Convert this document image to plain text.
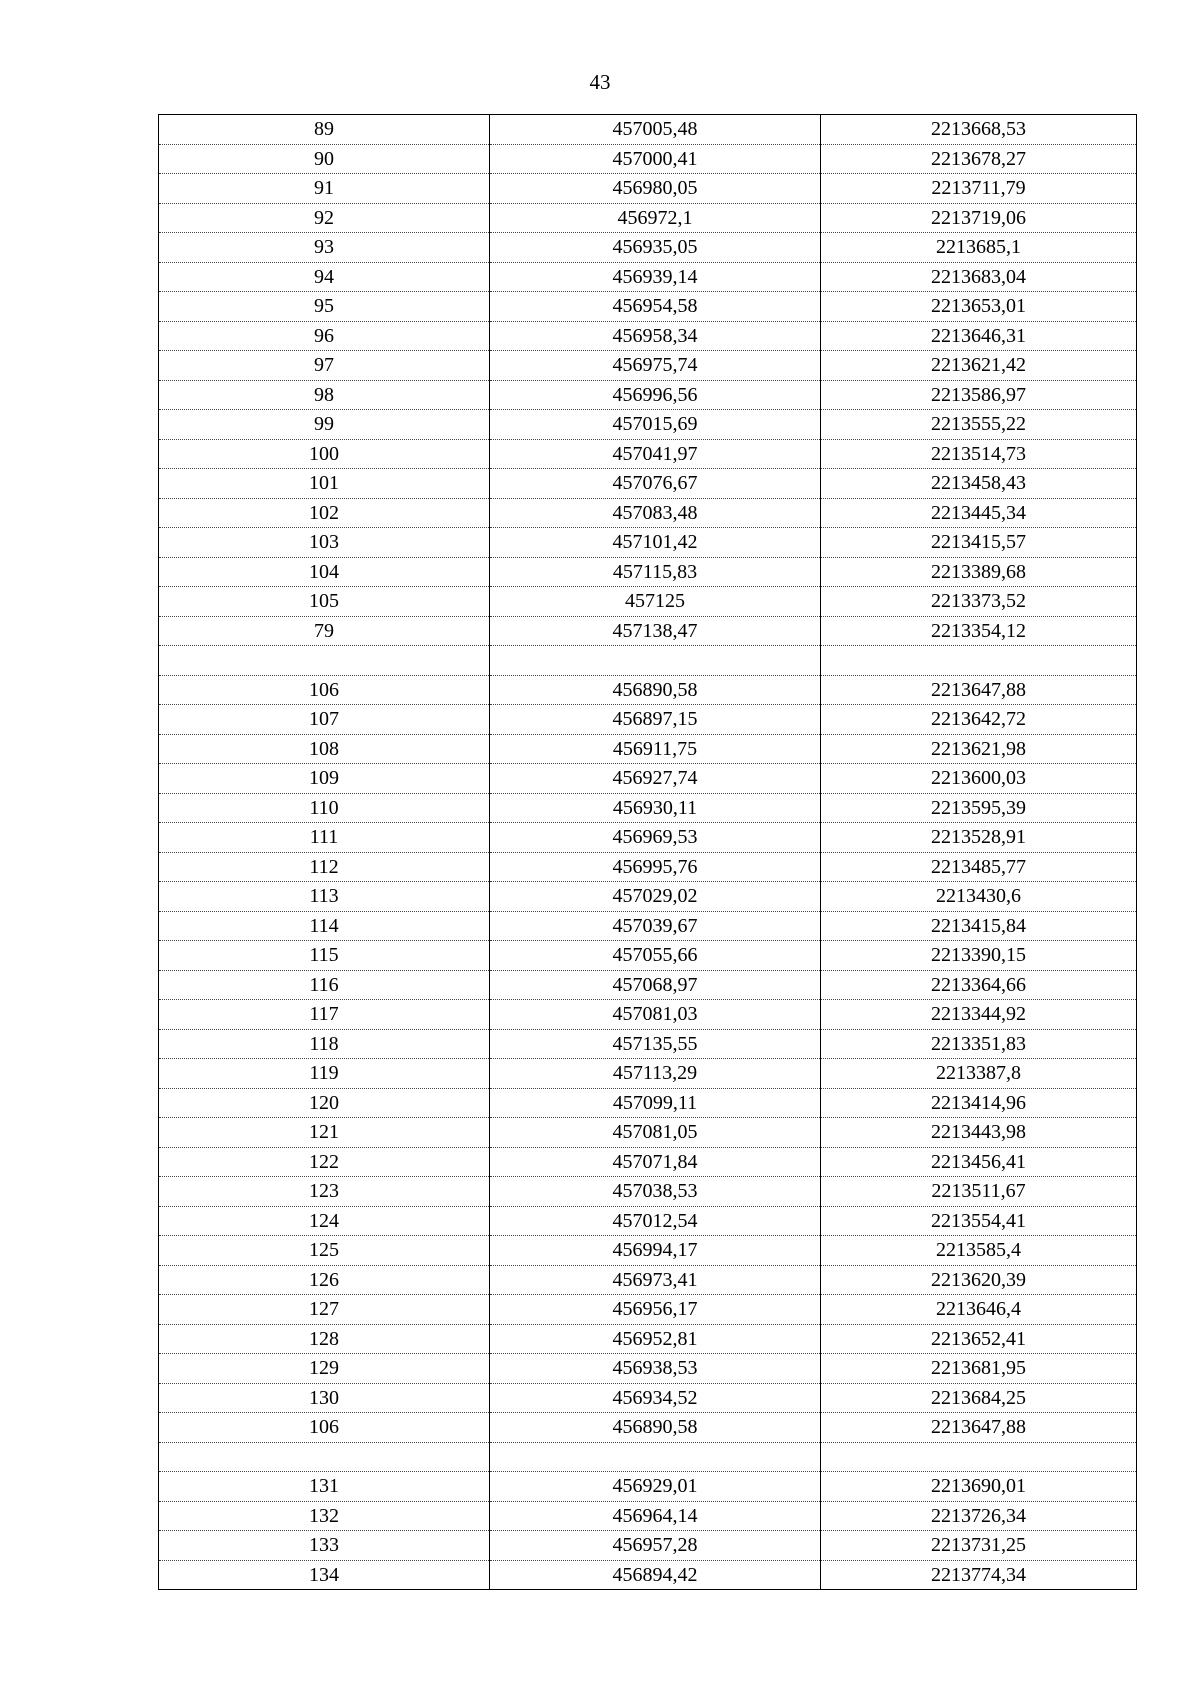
43
89	457005,48	2213668,53
90	457000,41	2213678,27
91	456980,05	2213711,79
92	456972,1	2213719,06
93	456935,05	2213685,1
94	456939,14	2213683,04
95	456954,58	2213653,01
96	456958,34	2213646,31
97	456975,74	2213621,42
98	456996,56	2213586,97
99	457015,69	2213555,22
100	457041,97	2213514,73
101	457076,67	2213458,43
102	457083,48	2213445,34
103	457101,42	2213415,57
104	457115,83	2213389,68
105	457125	2213373,52
79	457138,47	2213354,12

106	456890,58	2213647,88
107	456897,15	2213642,72
108	456911,75	2213621,98
109	456927,74	2213600,03
110	456930,11	2213595,39
111	456969,53	2213528,91
112	456995,76	2213485,77
113	457029,02	2213430,6
114	457039,67	2213415,84
115	457055,66	2213390,15
116	457068,97	2213364,66
117	457081,03	2213344,92
118	457135,55	2213351,83
119	457113,29	2213387,8
120	457099,11	2213414,96
121	457081,05	2213443,98
122	457071,84	2213456,41
123	457038,53	2213511,67
124	457012,54	2213554,41
125	456994,17	2213585,4
126	456973,41	2213620,39
127	456956,17	2213646,4
128	456952,81	2213652,41
129	456938,53	2213681,95
130	456934,52	2213684,25
106	456890,58	2213647,88

131	456929,01	2213690,01
132	456964,14	2213726,34
133	456957,28	2213731,25
134	456894,42	2213774,34
